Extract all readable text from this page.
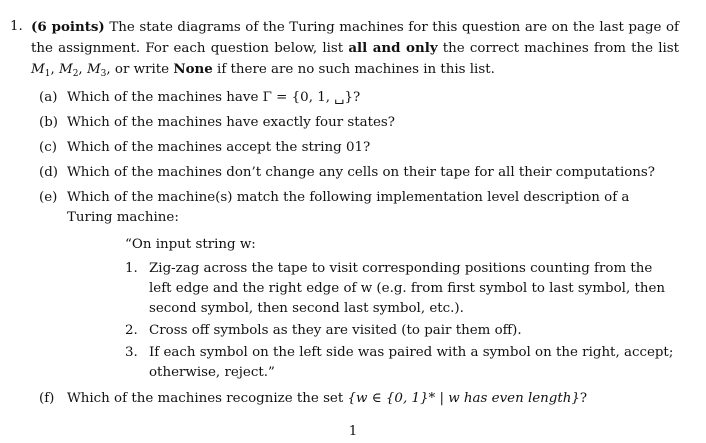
1. (6 points) The state diagrams of the Turing machines for this question are on the last page of the assignment. For each question below, list all and only the correct machines from the list $M_1$, $M_2$, $M_3$, or write None if there are no such machines in this list.

(a) Which of the machines have Γ = {0, 1, ␣}?
(b) Which of the machines have exactly four states?
(c) Which of the machines accept the string 01?
(d) Which of the machines don’t change any cells on their tape for all their computations?
(e) Which of the machine(s) match the following implementation level description of a Turing machine:

“On input string w:

1. Zig-zag across the tape to visit corresponding positions counting from the left edge and the right edge of w (e.g. from first symbol to last symbol, then second symbol, then second last symbol, etc.).
2. Cross off symbols as they are visited (to pair them off).
3. If each symbol on the left side was paired with a symbol on the right, accept; otherwise, reject.”
(f) Which of the machines recognize the set {w ∈ {0, 1}* | w has even length}?
1
